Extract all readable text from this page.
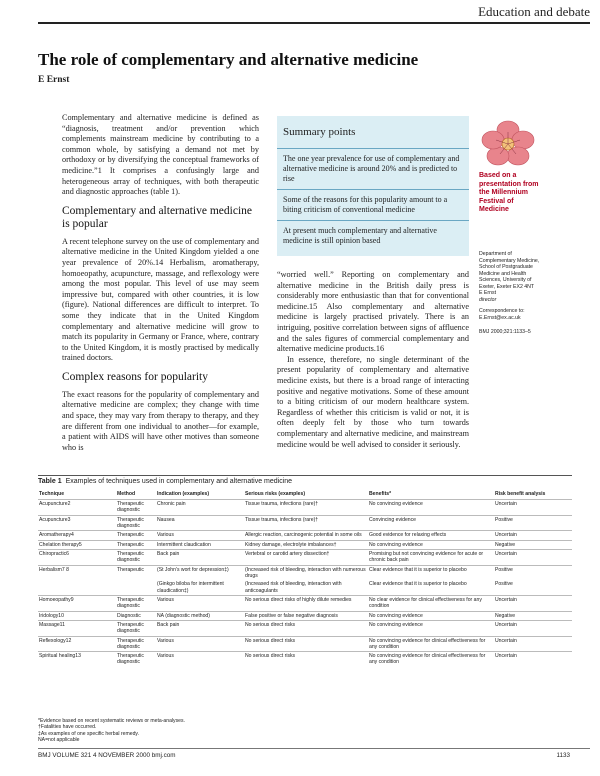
Education and debate
The role of complementary and alternative medicine
E Ernst

Complementary and alternative medicine is defined as “diagnosis, treatment and/or prevention which complements mainstream medicine by contributing to a common whole, by satisfying a demand not met by orthodoxy or by diversifying the conceptual frameworks of medicine.”1 It comprises a confusingly large and heterogeneous array of techniques, with both therapeutic and diagnostic approaches (table 1).

Complementary and alternative medicine is popular

A recent telephone survey on the use of complementary and alternative medicine in the United Kingdom yielded a one year prevalence of 20%.14 Herbalism, aromatherapy, homoeopathy, acupuncture, massage, and reflexology were among the most popular. This level of use may seem impressive but, compared with other countries, it is low (figure). National differences are difficult to interpret. To some they indicate that in the United Kingdom complementary and alternative medicine will grow to match its popularity in Germany or France, where, contrary to the United Kingdom, it is mostly practised by medically trained doctors.

Complex reasons for popularity

The exact reasons for the popularity of complementary and alternative medicine are complex; they change with time and space, they may vary from therapy to therapy, and they are different from one individual to another—for example, a patient with AIDS will have other motives than someone who is

Summary points
The one year prevalence for use of complementary and alternative medicine is around 20% and is predicted to rise
Some of the reasons for this popularity amount to a biting criticism of conventional medicine
At present much complementary and alternative medicine is still opinion based

“worried well.” Reporting on complementary and alternative medicine in the British daily press is considerably more enthusiastic than that for conventional medicine.15 Also complementary and alternative medicine is largely practised privately. There is an intriguing, positive correlation between signs of affluence and the sales figures of commercial complementary and alternative medicine products.16

In essence, therefore, no single determinant of the present popularity of complementary and alternative medicine exists, but there is a broad range of interacting positive and negative motivations. Some of these amount to a biting criticism of our modern healthcare system. Regardless of whether this criticism is valid or not, it is often deeply felt by those who turn towards complementary and alternative medicine, and mainstream medicine would be well advised to consider it seriously.

Based on a presentation from the Millennium Festival of Medicine
Department of Complementary Medicine, School of Postgraduate Medicine and Health Sciences, University of Exeter, Exeter EX2 4NT
E Ernst
director
Correspondence to:
E.Ernst@ex.ac.uk
BMJ 2000;321:1133–5
Table 1 Examples of techniques used in complementary and alternative medicine
Technique	Method	Indication (examples)	Serious risks (examples)	Benefits*	Risk benefit analysis
Acupuncture2	Therapeutic diagnostic	Chronic pain	Tissue trauma, infections (rare)†	No convincing evidence	Uncertain
Acupuncture3	Therapeutic diagnostic	Nausea	Tissue trauma, infections (rare)†	Convincing evidence	Positive
Aromatherapy4	Therapeutic	Various	Allergic reaction, carcinogenic potential in some oils	Good evidence for relaxing effects	Uncertain
Chelation therapy5	Therapeutic	Intermittent claudication	Kidney damage, electrolyte imbalances†	No convincing evidence	Negative
Chiropractic6	Therapeutic diagnostic	Back pain	Vertebral or carotid artery dissection†	Promising but not convincing evidence for acute or chronic back pain	Uncertain
Herbalism7 8	Therapeutic	(St John's wort for depression‡)	(Increased risk of bleeding, interaction with numerous drugs	Clear evidence that it is superior to placebo	Positive
		(Ginkgo biloba for intermittent claudication‡)	(Increased risk of bleeding, interaction with anticoagulants	Clear evidence that it is superior to placebo	Positive
Homoeopathy9	Therapeutic diagnostic	Various	No serious direct risks of highly dilute remedies	No clear evidence for clinical effectiveness for any condition	Uncertain
Iridology10	Diagnostic	NA (diagnostic method)	False positive or false negative diagnosis	No convincing evidence	Negative
Massage11	Therapeutic diagnostic	Back pain	No serious direct risks	No convincing evidence	Uncertain
Reflexology12	Therapeutic diagnostic	Various	No serious direct risks	No convincing evidence for clinical effectiveness for any condition	Uncertain
Spiritual healing13	Therapeutic diagnostic	Various	No serious direct risks	No convincing evidence for clinical effectiveness for any condition	Uncertain
*Evidence based on recent systematic reviews or meta-analyses.
†Fatalities have occurred.
‡As examples of one specific herbal remedy.
NA=not applicable
BMJ VOLUME 321 4 NOVEMBER 2000 bmj.com	1133
